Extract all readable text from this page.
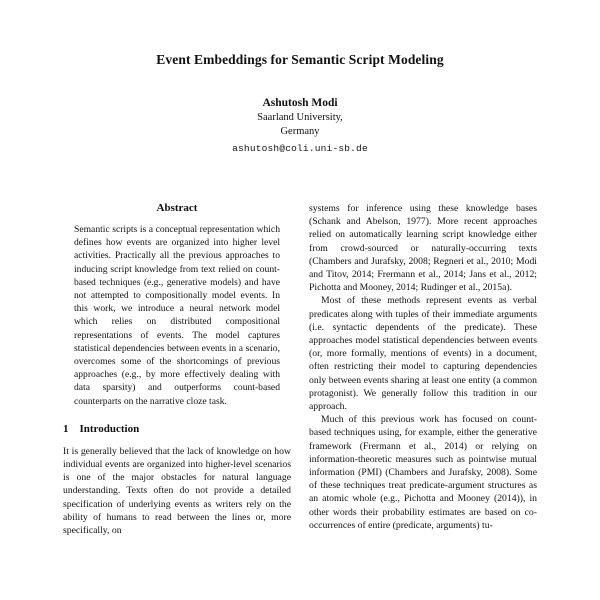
Event Embeddings for Semantic Script Modeling
Ashutosh Modi
Saarland University,
Germany
ashutosh@coli.uni-sb.de
Abstract

Semantic scripts is a conceptual representation which defines how events are organized into higher level activities. Practically all the previous approaches to inducing script knowledge from text relied on count-based techniques (e.g., generative models) and have not attempted to compositionally model events. In this work, we introduce a neural network model which relies on distributed compositional representations of events. The model captures statistical dependencies between events in a scenario, overcomes some of the shortcomings of previous approaches (e.g., by more effectively dealing with data sparsity) and outperforms count-based counterparts on the narrative cloze task.

1 Introduction

It is generally believed that the lack of knowledge on how individual events are organized into higher-level scenarios is one of the major obstacles for natural language understanding. Texts often do not provide a detailed specification of underlying events as writers rely on the ability of humans to read between the lines or, more specifically, on

systems for inference using these knowledge bases (Schank and Abelson, 1977). More recent approaches relied on automatically learning script knowledge either from crowd-sourced or naturally-occurring texts (Chambers and Jurafsky, 2008; Regneri et al., 2010; Modi and Titov, 2014; Frermann et al., 2014; Jans et al., 2012; Pichotta and Mooney, 2014; Rudinger et al., 2015a).

Most of these methods represent events as verbal predicates along with tuples of their immediate arguments (i.e. syntactic dependents of the predicate). These approaches model statistical dependencies between events (or, more formally, mentions of events) in a document, often restricting their model to capturing dependencies only between events sharing at least one entity (a common protagonist). We generally follow this tradition in our approach.

Much of this previous work has focused on count-based techniques using, for example, either the generative framework (Frermann et al., 2014) or relying on information-theoretic measures such as pointwise mutual information (PMI) (Chambers and Jurafsky, 2008). Some of these techniques treat predicate-argument structures as an atomic whole (e.g., Pichotta and Mooney (2014)), in other words their probability estimates are based on co-occurrences of entire (predicate, arguments) tu-
